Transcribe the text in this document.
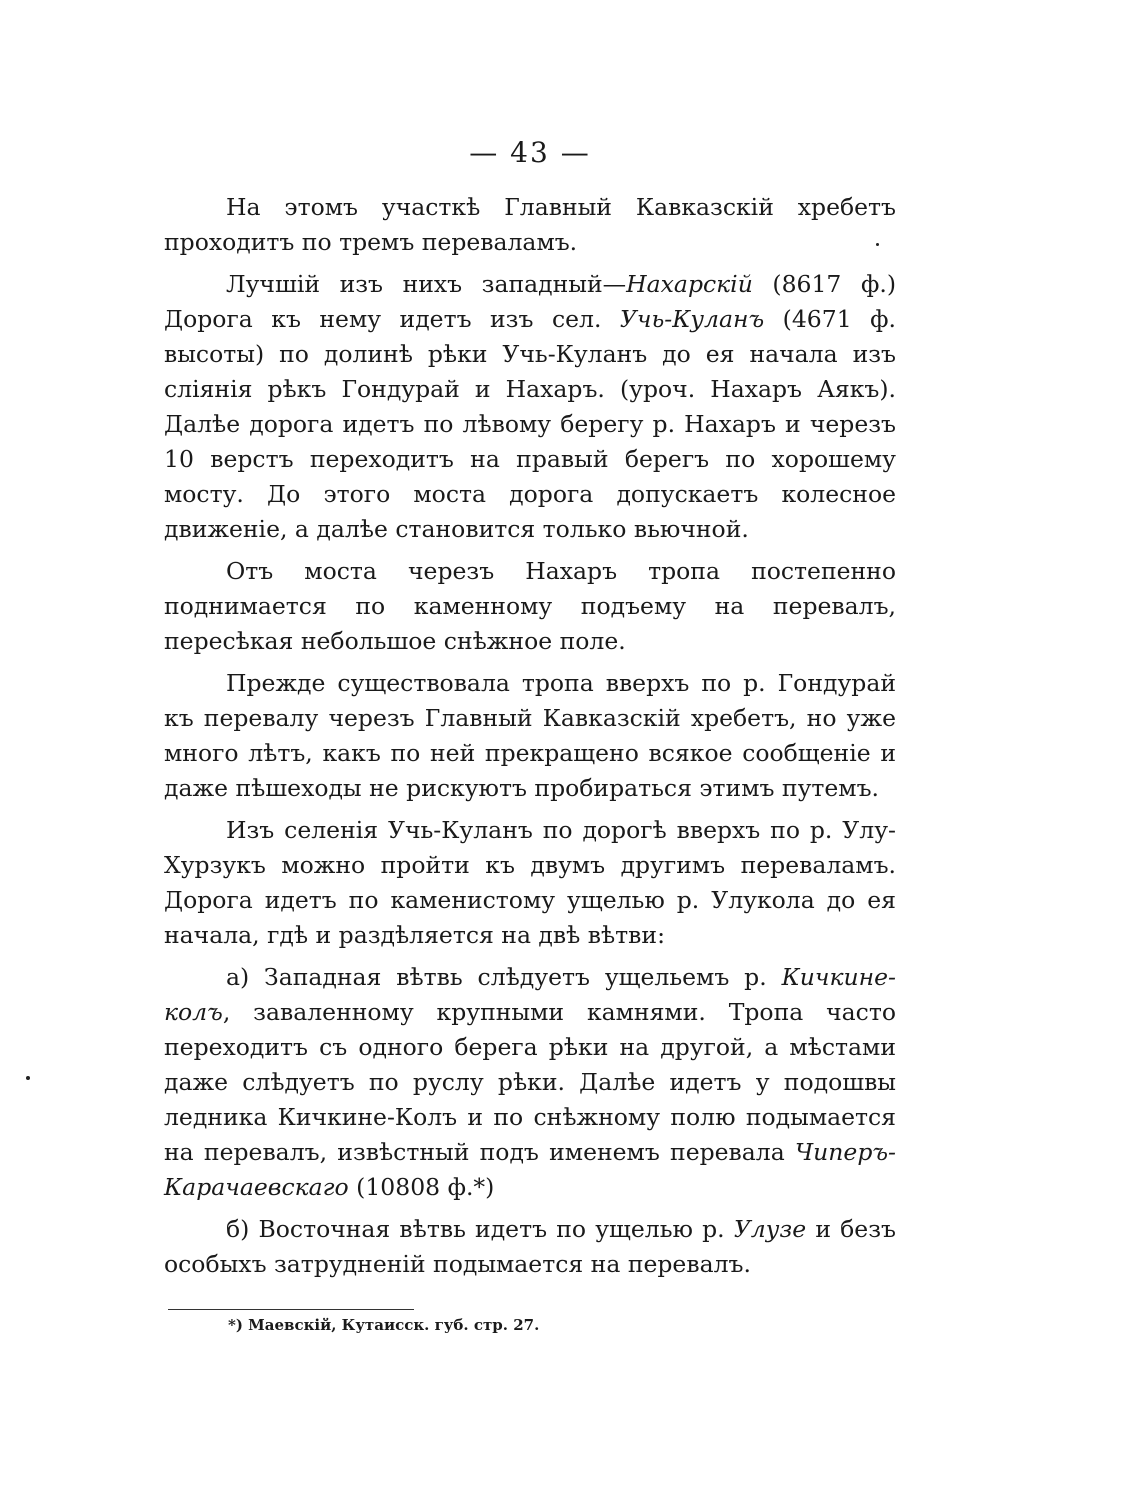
— 43 —

На этомъ участкѣ Главный Кавказскій хребетъ проходитъ по тремъ переваламъ.

Лучшій изъ нихъ западный—Нахарскій (8617 ф.) Дорога къ нему идетъ изъ сел. Учь-Куланъ (4671 ф. высоты) по долинѣ рѣки Учь-Куланъ до ея начала изъ сліянія рѣкъ Гондурай и Нахаръ. (уроч. Нахаръ Аякъ). Далѣе дорога идетъ по лѣвому берегу р. Нахаръ и черезъ 10 верстъ переходитъ на правый берегъ по хорошему мосту. До этого моста дорога допускаетъ колесное движеніе, а далѣе становится только вьючной.

Отъ моста черезъ Нахаръ тропа постепенно поднимается по каменному подъему на перевалъ, пересѣкая небольшое снѣжное поле.

Прежде существовала тропа вверхъ по р. Гондурай къ перевалу черезъ Главный Кавказскій хребетъ, но уже много лѣтъ, какъ по ней прекращено всякое сообщеніе и даже пѣшеходы не рискуютъ пробираться этимъ путемъ.

Изъ селенія Учь-Куланъ по дорогѣ вверхъ по р. Улу-Хурзукъ можно пройти къ двумъ другимъ переваламъ. Дорога идетъ по каменистому ущелью р. Улукола до ея начала, гдѣ и раздѣляется на двѣ вѣтви:

а) Западная вѣтвь слѣдуетъ ущельемъ р. Кичкине-колъ, заваленному крупными камнями. Тропа часто переходитъ съ одного берега рѣки на другой, а мѣстами даже слѣдуетъ по руслу рѣки. Далѣе идетъ у подошвы ледника Кичкине-Колъ и по снѣжному полю подымается на перевалъ, извѣстный подъ именемъ перевала Чиперъ-Карачаевскаго (10808 ф.*)

б) Восточная вѣтвь идетъ по ущелью р. Улузе и безъ особыхъ затрудненій подымается на перевалъ.

*) Маевскій, Кутаисск. губ. стр. 27.
